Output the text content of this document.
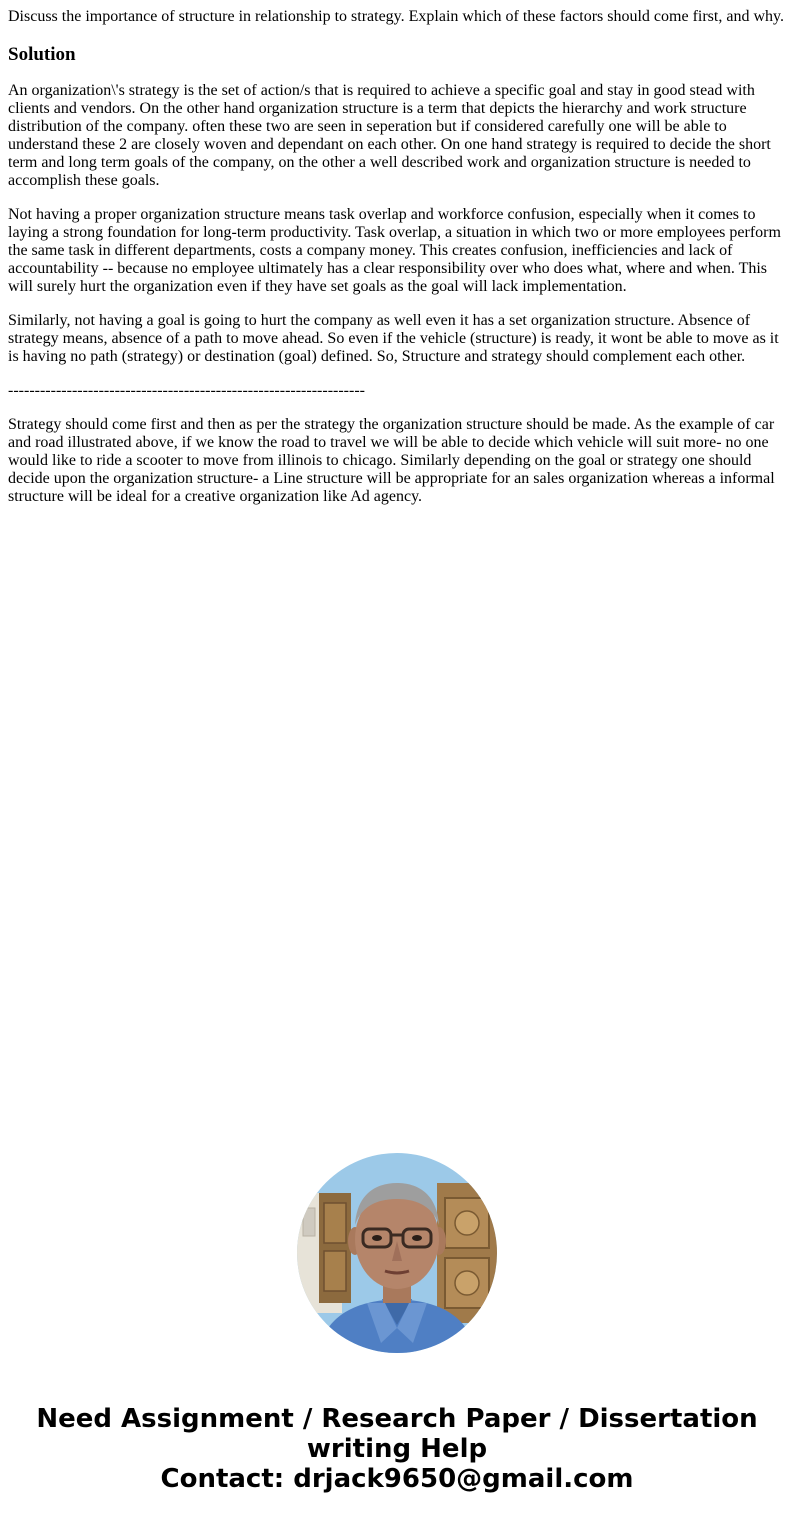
Discuss the importance of structure in relationship to strategy. Explain which of these factors should come first, and why.

Solution

An organization\'s strategy is the set of action/s that is required to achieve a specific goal and stay in good stead with clients and vendors. On the other hand organization structure is a term that depicts the hierarchy and work structure distribution of the company. often these two are seen in seperation but if considered carefully one will be able to understand these 2 are closely woven and dependant on each other. On one hand strategy is required to decide the short term and long term goals of the company, on the other a well described work and organization structure is needed to accomplish these goals.

Not having a proper organization structure means task overlap and workforce confusion, especially when it comes to laying a strong foundation for long-term productivity. Task overlap, a situation in which two or more employees perform the same task in different departments, costs a company money. This creates confusion, inefficiencies and lack of accountability -- because no employee ultimately has a clear responsibility over who does what, where and when. This will surely hurt the organization even if they have set goals as the goal will lack implementation.

Similarly, not having a goal is going to hurt the company as well even it has a set organization structure. Absence of strategy means, absence of a path to move ahead. So even if the vehicle (structure) is ready, it wont be able to move as it is having no path (strategy) or destination (goal) defined. So, Structure and strategy should complement each other.

-------------------------------------------------------------------

Strategy should come first and then as per the strategy the organization structure should be made. As the example of car and road illustrated above, if we know the road to travel we will be able to decide which vehicle will suit more- no one would like to ride a scooter to move from illinois to chicago. Similarly depending on the goal or strategy one should decide upon the organization structure- a Line structure will be appropriate for an sales organization whereas a informal structure will be ideal for a creative organization like Ad agency.

Need Assignment / Research Paper / Dissertation
writing Help
Contact: drjack9650@gmail.com
